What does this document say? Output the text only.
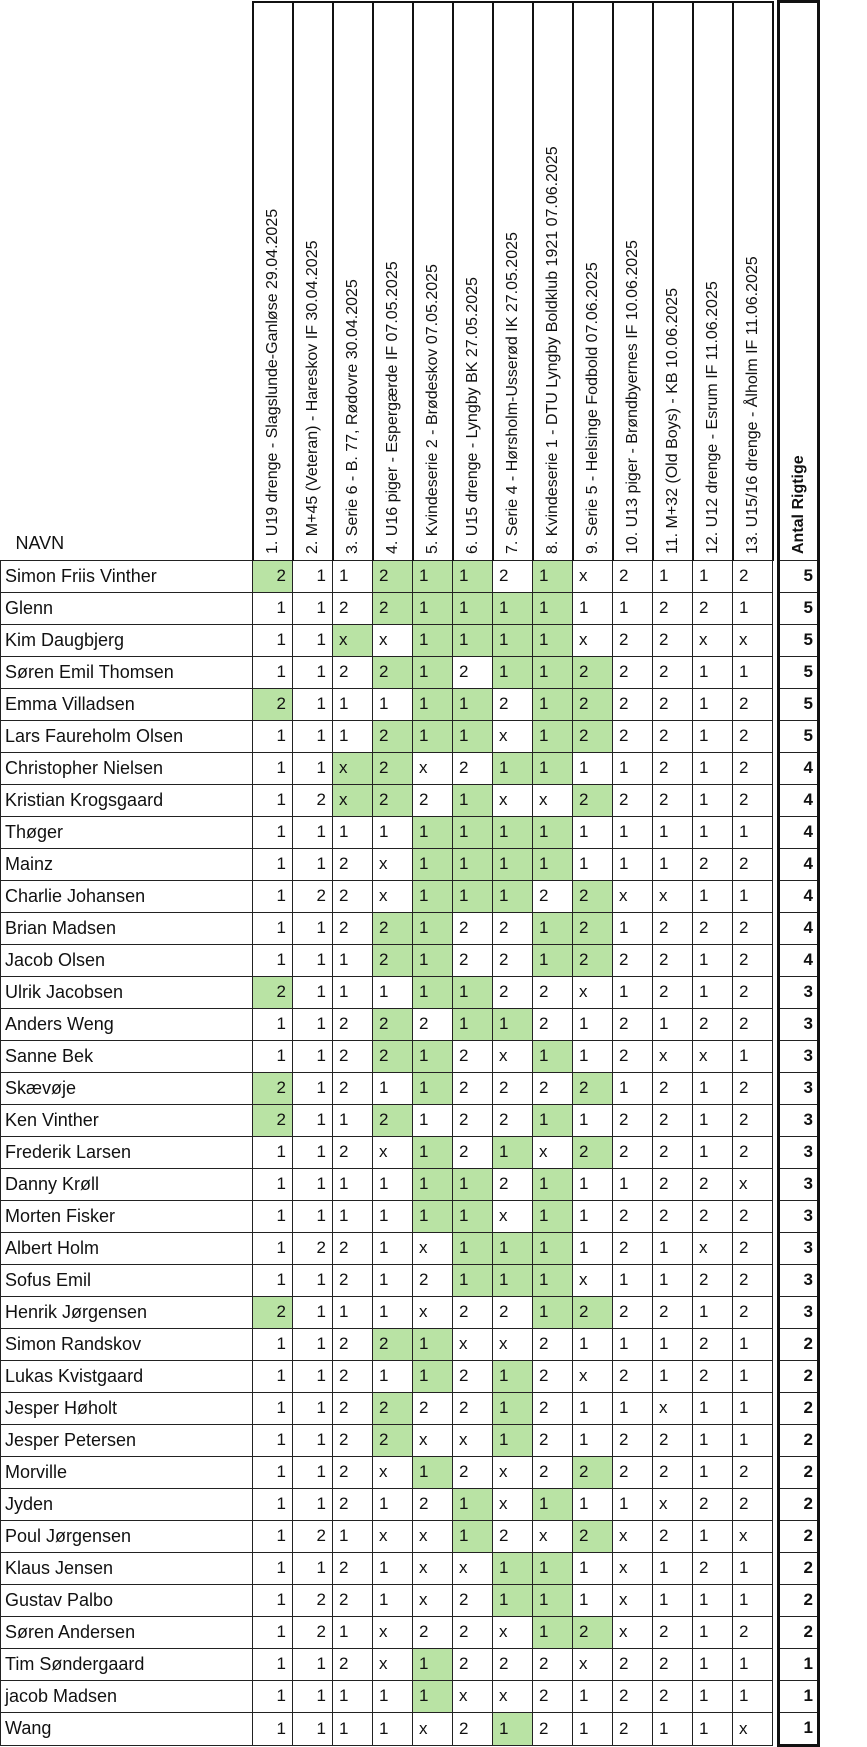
NAVN	1. U19 drenge - Slagslunde-Ganløse 29.04.2025	2. M+45 (Veteran) - Hareskov IF 30.04.2025	3. Serie 6 - B. 77, Rødovre 30.04.2025	4. U16 piger - Espergærde IF 07.05.2025	5. Kvindeserie 2 - Brødeskov 07.05.2025	6. U15 drenge - Lyngby BK 27.05.2025	7. Serie 4 - Hørsholm-Usserød IK 27.05.2025	8. Kvindeserie 1 - DTU Lyngby Boldklub 1921 07.06.2025	9. Serie 5 - Helsinge Fodbold 07.06.2025	10. U13 piger - Brøndbyernes IF 10.06.2025	11. M+32 (Old Boys) - KB 10.06.2025	12. U12 drenge - Esrum IF 11.06.2025	13. U15/16 drenge - Ålholm IF 11.06.2025		Antal Rigtige

Simon Friis Vinther	2	1	1	2	1	1	2	1	x	2	1	1	2		5
Glenn	1	1	2	2	1	1	1	1	1	1	2	2	1		5
Kim Daugbjerg	1	1	x	x	1	1	1	1	x	2	2	x	x		5
Søren Emil Thomsen	1	1	2	2	1	2	1	1	2	2	2	1	1		5
Emma Villadsen	2	1	1	1	1	1	2	1	2	2	2	1	2		5
Lars Faureholm Olsen	1	1	1	2	1	1	x	1	2	2	2	1	2		5
Christopher Nielsen	1	1	x	2	x	2	1	1	1	1	2	1	2		4
Kristian Krogsgaard	1	2	x	2	2	1	x	x	2	2	2	1	2		4
Thøger	1	1	1	1	1	1	1	1	1	1	1	1	1		4
Mainz	1	1	2	x	1	1	1	1	1	1	1	2	2		4
Charlie Johansen	1	2	2	x	1	1	1	2	2	x	x	1	1		4
Brian Madsen	1	1	2	2	1	2	2	1	2	1	2	2	2		4
Jacob Olsen	1	1	1	2	1	2	2	1	2	2	2	1	2		4
Ulrik Jacobsen	2	1	1	1	1	1	2	2	x	1	2	1	2		3
Anders Weng	1	1	2	2	2	1	1	2	1	2	1	2	2		3
Sanne Bek	1	1	2	2	1	2	x	1	1	2	x	x	1		3
Skævøje	2	1	2	1	1	2	2	2	2	1	2	1	2		3
Ken Vinther	2	1	1	2	1	2	2	1	1	2	2	1	2		3
Frederik Larsen	1	1	2	x	1	2	1	x	2	2	2	1	2		3
Danny Krøll	1	1	1	1	1	1	2	1	1	1	2	2	x		3
Morten Fisker	1	1	1	1	1	1	x	1	1	2	2	2	2		3
Albert Holm	1	2	2	1	x	1	1	1	1	2	1	x	2		3
Sofus Emil	1	1	2	1	2	1	1	1	x	1	1	2	2		3
Henrik Jørgensen	2	1	1	1	x	2	2	1	2	2	2	1	2		3
Simon Randskov	1	1	2	2	1	x	x	2	1	1	1	2	1		2
Lukas Kvistgaard	1	1	2	1	1	2	1	2	x	2	1	2	1		2
Jesper Høholt	1	1	2	2	2	2	1	2	1	1	x	1	1		2
Jesper Petersen	1	1	2	2	x	x	1	2	1	2	2	1	1		2
Morville	1	1	2	x	1	2	x	2	2	2	2	1	2		2
Jyden	1	1	2	1	2	1	x	1	1	1	x	2	2		2
Poul Jørgensen	1	2	1	x	x	1	2	x	2	x	2	1	x		2
Klaus Jensen	1	1	2	1	x	x	1	1	1	x	1	2	1		2
Gustav Palbo	1	2	2	1	x	2	1	1	1	x	1	1	1		2
Søren Andersen	1	2	1	x	2	2	x	1	2	x	2	1	2		2
Tim Søndergaard	1	1	2	x	1	2	2	2	x	2	2	1	1		1
jacob Madsen	1	1	1	1	1	x	x	2	1	2	2	1	1		1
Wang	1	1	1	1	x	2	1	2	1	2	1	1	x		1
